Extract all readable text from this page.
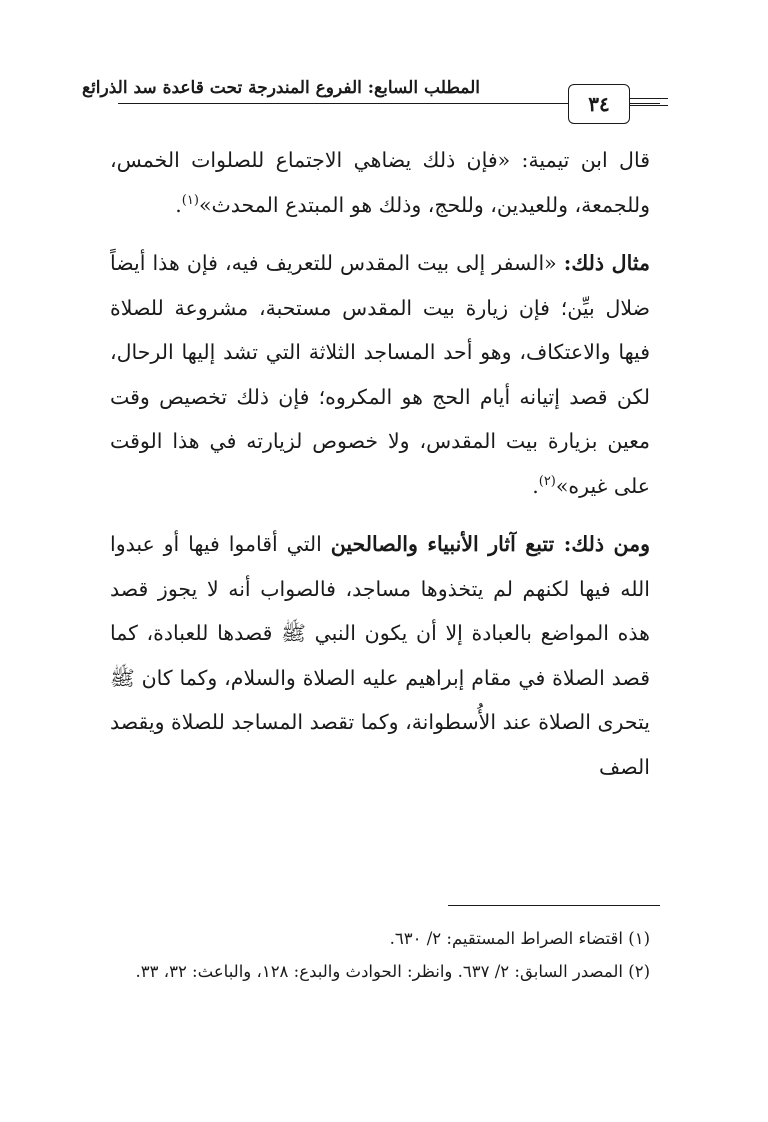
المطلب السابع: الفروع المندرجة تحت قاعدة سد الذرائع
٣٤

قال ابن تيمية: «فإن ذلك يضاهي الاجتماع للصلوات الخمس، وللجمعة، وللعيدين، وللحج، وذلك هو المبتدع المحدث»$^{(١)}$.

مثال ذلك: «السفر إلى بيت المقدس للتعريف فيه، فإن هذا أيضاً ضلال بيِّن؛ فإن زيارة بيت المقدس مستحبة، مشروعة للصلاة فيها والاعتكاف، وهو أحد المساجد الثلاثة التي تشد إليها الرحال، لكن قصد إتيانه أيام الحج هو المكروه؛ فإن ذلك تخصيص وقت معين بزيارة بيت المقدس، ولا خصوص لزيارته في هذا الوقت على غيره»$^{(٢)}$.

ومن ذلك: تتبع آثار الأنبياء والصالحين التي أقاموا فيها أو عبدوا الله فيها لكنهم لم يتخذوها مساجد، فالصواب أنه لا يجوز قصد هذه المواضع بالعبادة إلا أن يكون النبي ﷺ قصدها للعبادة، كما قصد الصلاة في مقام إبراهيم عليه الصلاة والسلام، وكما كان ﷺ يتحرى الصلاة عند الأُسطوانة، وكما تقصد المساجد للصلاة ويقصد الصف

(١) اقتضاء الصراط المستقيم: ٢/ ٦٣٠.

(٢) المصدر السابق: ٢/ ٦٣٧. وانظر: الحوادث والبدع: ١٢٨، والباعث: ٣٢، ٣٣.
